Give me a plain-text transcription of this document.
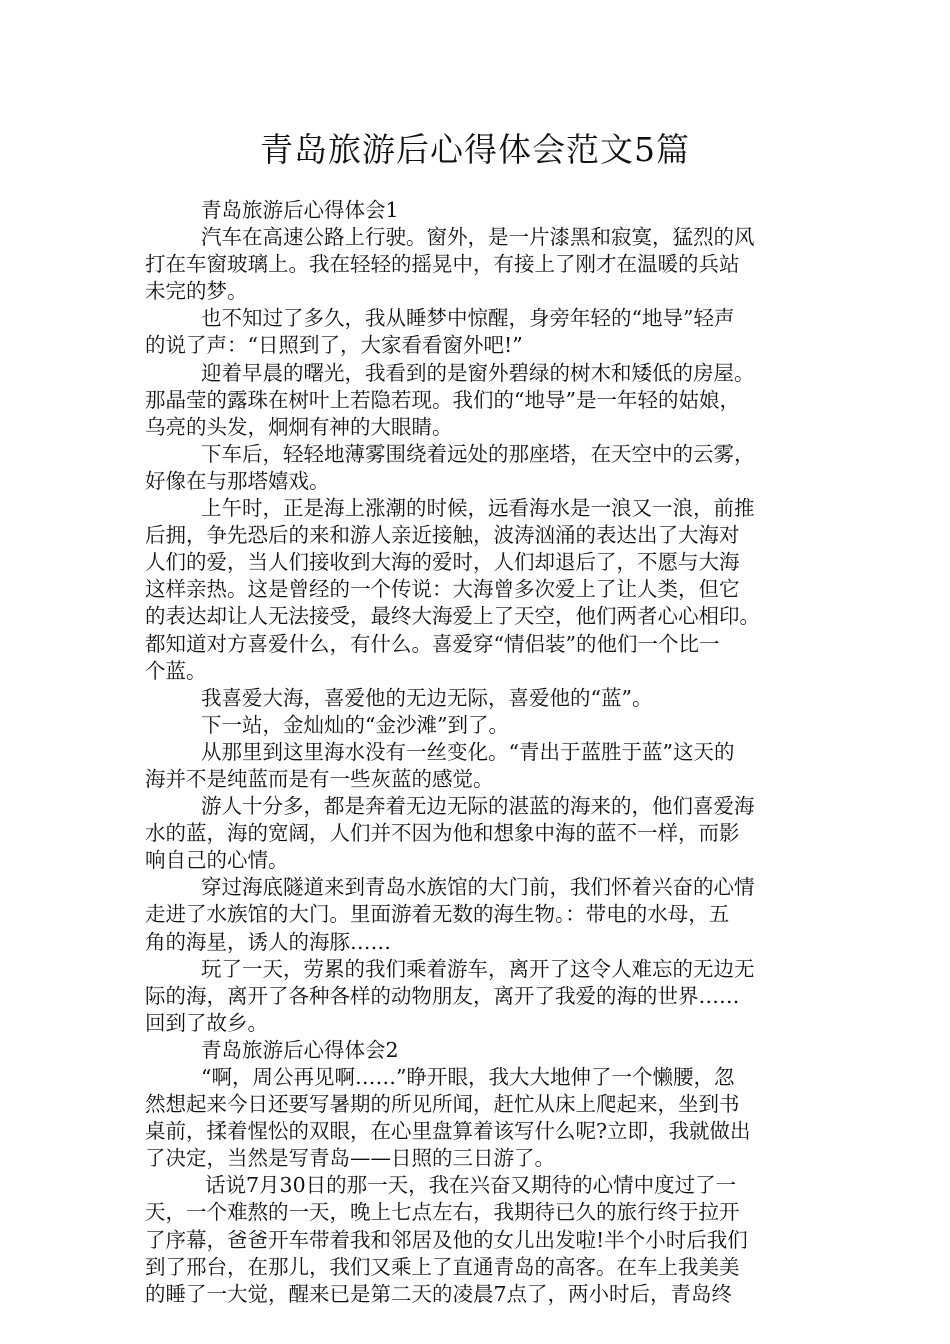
青岛旅游后心得体会范文5篇
青岛旅游后心得体会1
汽车在高速公路上行驶。窗外，是一片漆黑和寂寞，猛烈的风
打在车窗玻璃上。我在轻轻的摇晃中，有接上了刚才在温暖的兵站
未完的梦。
也不知过了多久，我从睡梦中惊醒，身旁年轻的“地导”轻声
的说了声：“日照到了，大家看看窗外吧!”
迎着早晨的曙光，我看到的是窗外碧绿的树木和矮低的房屋。
那晶莹的露珠在树叶上若隐若现。我们的“地导”是一年轻的姑娘，
乌亮的头发，炯炯有神的大眼睛。
下车后，轻轻地薄雾围绕着远处的那座塔，在天空中的云雾，
好像在与那塔嬉戏。
上午时，正是海上涨潮的时候，远看海水是一浪又一浪，前推
后拥，争先恐后的来和游人亲近接触，波涛汹涌的表达出了大海对
人们的爱，当人们接收到大海的爱时，人们却退后了，不愿与大海
这样亲热。这是曾经的一个传说：大海曾多次爱上了让人类，但它
的表达却让人无法接受，最终大海爱上了天空，他们两者心心相印。
都知道对方喜爱什么，有什么。喜爱穿“情侣装”的他们一个比一
个蓝。
我喜爱大海，喜爱他的无边无际，喜爱他的“蓝”。
下一站，金灿灿的“金沙滩”到了。
从那里到这里海水没有一丝变化。“青出于蓝胜于蓝”这天的
海并不是纯蓝而是有一些灰蓝的感觉。
游人十分多，都是奔着无边无际的湛蓝的海来的，他们喜爱海
水的蓝，海的宽阔，人们并不因为他和想象中海的蓝不一样，而影
响自己的心情。
穿过海底隧道来到青岛水族馆的大门前，我们怀着兴奋的心情
走进了水族馆的大门。里面游着无数的海生物。：带电的水母，五
角的海星，诱人的海豚……
玩了一天，劳累的我们乘着游车，离开了这令人难忘的无边无
际的海，离开了各种各样的动物朋友，离开了我爱的海的世界……
回到了故乡。
青岛旅游后心得体会2
“啊，周公再见啊……”睁开眼，我大大地伸了一个懒腰，忽
然想起来今日还要写暑期的所见所闻，赶忙从床上爬起来，坐到书
桌前，揉着惺忪的双眼，在心里盘算着该写什么呢?立即，我就做出
了决定，当然是写青岛——日照的三日游了。
话说7月30日的那一天，我在兴奋又期待的心情中度过了一
天，一个难熬的一天，晚上七点左右，我期待已久的旅行终于拉开
了序幕，爸爸开车带着我和邻居及他的女儿出发啦!半个小时后我们
到了邢台，在那儿，我们又乘上了直通青岛的高客。在车上我美美
的睡了一大觉，醒来已是第二天的凌晨7点了，两小时后，青岛终
